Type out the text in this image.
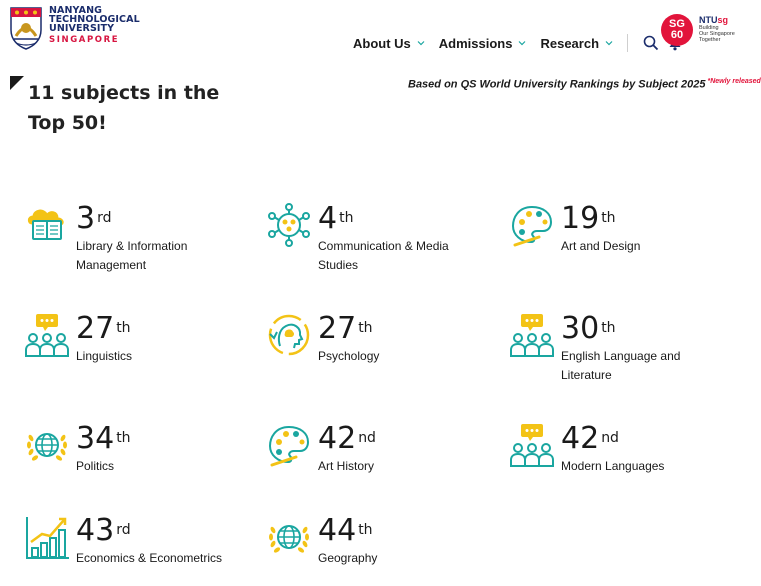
NANYANG
TECHNOLOGICAL
UNIVERSITY
SINGAPORE	About Us Admissions Research
SG
60
NTUsg
Building
Our Singapore
Together
11 subjects in the Top 50!
Based on QS World University Rankings by Subject 2025 $^{*Newly released}$
3 $^{rd}$
Library & Information Management
4 $^{th}$
Communication & Media Studies
19 $^{th}$
Art and Design
27 $^{th}$
Linguistics
27 $^{th}$
Psychology
30 $^{th}$
English Language and Literature
34 $^{th}$
Politics
42 $^{nd}$
Art History
42 $^{nd}$
Modern Languages
43 $^{rd}$
Economics & Econometrics
44 $^{th}$
Geography
